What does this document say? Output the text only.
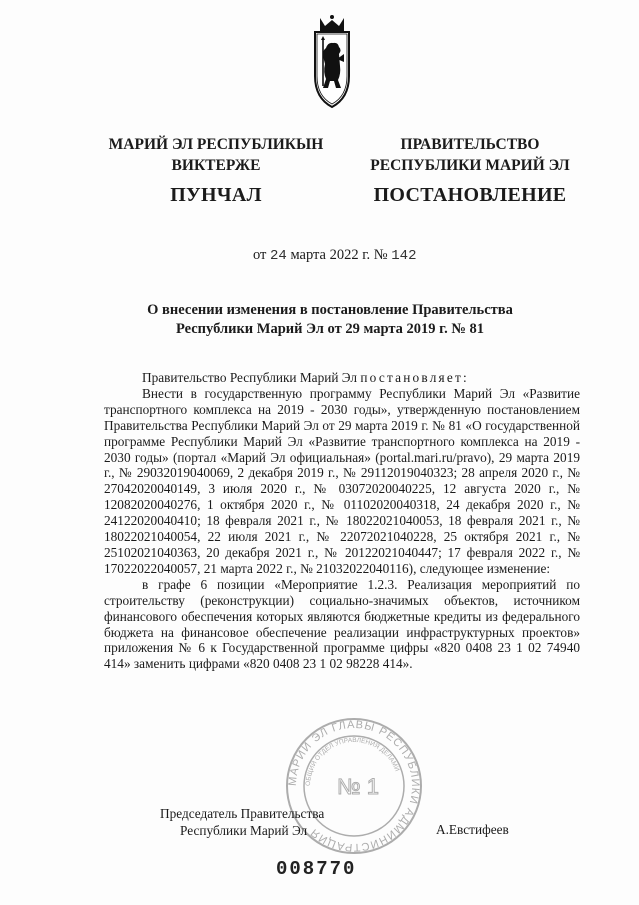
МАРИЙ ЭЛ РЕСПУБЛИКЫН
ВИКТЕРЖЕ
ПУНЧАЛ
ПРАВИТЕЛЬСТВО
РЕСПУБЛИКИ МАРИЙ ЭЛ
ПОСТАНОВЛЕНИЕ
от 24 марта 2022 г. № 142
О внесении изменения в постановление Правительства
Республики Марий Эл от 29 марта 2019 г. № 81

Правительство Республики Марий Эл постановляет:

Внести в государственную программу Республики Марий Эл «Развитие транспортного комплекса на 2019 - 2030 годы», утвержденную постановлением Правительства Республики Марий Эл от 29 марта 2019 г. № 81 «О государственной программе Республики Марий Эл «Развитие транспортного комплекса на 2019 - 2030 годы» (портал «Марий Эл официальная» (portal.mari.ru/pravo), 29 марта 2019 г., № 29032019040069, 2 декабря 2019 г., № 29112019040323; 28 апреля 2020 г., № 27042020040149, 3 июля 2020 г., № 03072020040225, 12 августа 2020 г., № 12082020040276, 1 октября 2020 г., № 01102020040318, 24 декабря 2020 г., № 24122020040410; 18 февраля 2021 г., № 18022021040053, 18 февраля 2021 г., № 18022021040054, 22 июля 2021 г., № 22072021040228, 25 октября 2021 г., № 25102021040363, 20 декабря 2021 г., № 20122021040447; 17 февраля 2022 г., № 17022022040057, 21 марта 2022 г., № 21032022040116), следующее изменение:

в графе 6 позиции «Мероприятие 1.2.3. Реализация мероприятий по строительству (реконструкции) социально-значимых объектов, источником финансового обеспечения которых являются бюджетные кредиты из федерального бюджета на финансовое обеспечение реализации инфраструктурных проектов» приложения № 6 к Государственной программе цифры «820 0408 23 1 02 74940 414» заменить цифрами «820 0408 23 1 02 98228 414».

МАРИЙ ЭЛ ГЛАВЫ РЕСПУБЛИКИ АДМИНИСТРАЦИЯ
ОБЩИЙ ОТДЕЛ УПРАВЛЕНИЯ ДЕЛАМИ
№ 1
Председатель Правительства
Республики Марий Эл	А.Евстифеев
008770
